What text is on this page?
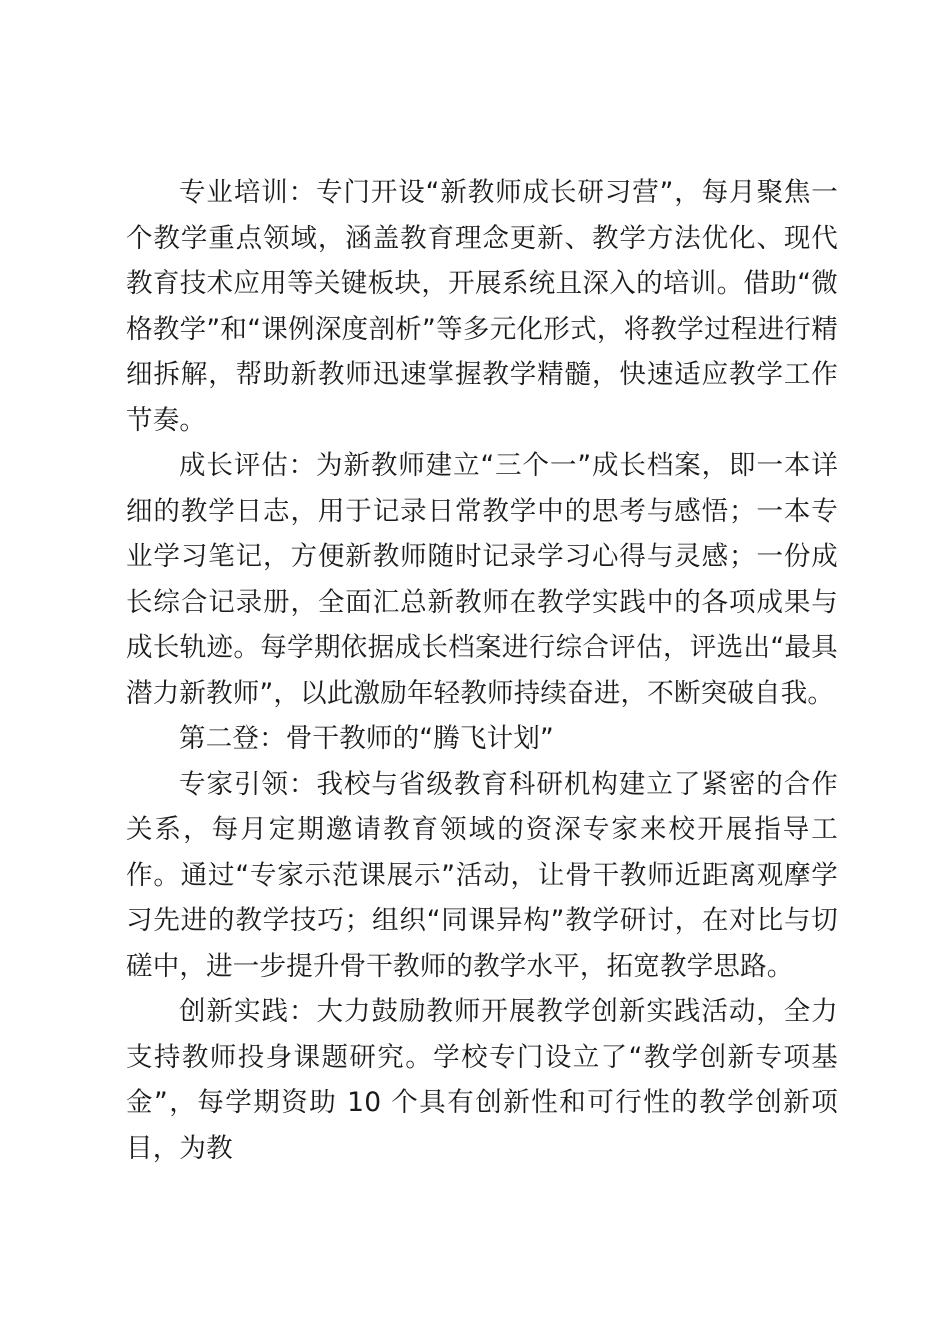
专业培训：专门开设“新教师成长研习营”，每月聚焦一个教学重点领域，涵盖教育理念更新、教学方法优化、现代教育技术应用等关键板块，开展系统且深入的培训。借助“微格教学”和“课例深度剖析”等多元化形式，将教学过程进行精细拆解，帮助新教师迅速掌握教学精髓，快速适应教学工作节奏。

成长评估：为新教师建立“三个一”成长档案，即一本详细的教学日志，用于记录日常教学中的思考与感悟；一本专业学习笔记，方便新教师随时记录学习心得与灵感；一份成长综合记录册，全面汇总新教师在教学实践中的各项成果与成长轨迹。每学期依据成长档案进行综合评估，评选出“最具潜力新教师”，以此激励年轻教师持续奋进，不断突破自我。

第二登：骨干教师的“腾飞计划”

专家引领：我校与省级教育科研机构建立了紧密的合作关系，每月定期邀请教育领域的资深专家来校开展指导工作。通过“专家示范课展示”活动，让骨干教师近距离观摩学习先进的教学技巧；组织“同课异构”教学研讨，在对比与切磋中，进一步提升骨干教师的教学水平，拓宽教学思路。

创新实践：大力鼓励教师开展教学创新实践活动，全力支持教师投身课题研究。学校专门设立了“教学创新专项基金”，每学期资助 10 个具有创新性和可行性的教学创新项目，为教
